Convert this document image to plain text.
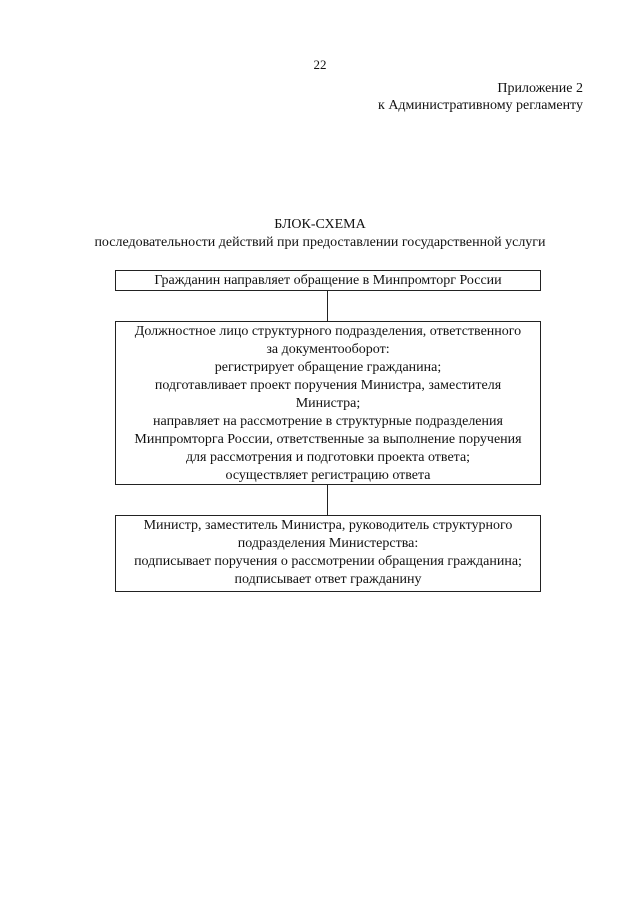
22
Приложение 2
к Административному регламенту
БЛОК-СХЕМА
последовательности действий при предоставлении государственной услуги
Гражданин направляет обращение в Минпромторг России
Должностное лицо структурного подразделения, ответственного
за документооборот:
регистрирует обращение гражданина;
подготавливает проект поручения Министра, заместителя
Министра;
направляет на рассмотрение в структурные подразделения
Минпромторга России, ответственные за выполнение поручения
для рассмотрения и подготовки проекта ответа;
осуществляет регистрацию ответа
Министр, заместитель Министра, руководитель структурного
подразделения Министерства:
подписывает поручения о рассмотрении обращения гражданина;
подписывает ответ гражданину
